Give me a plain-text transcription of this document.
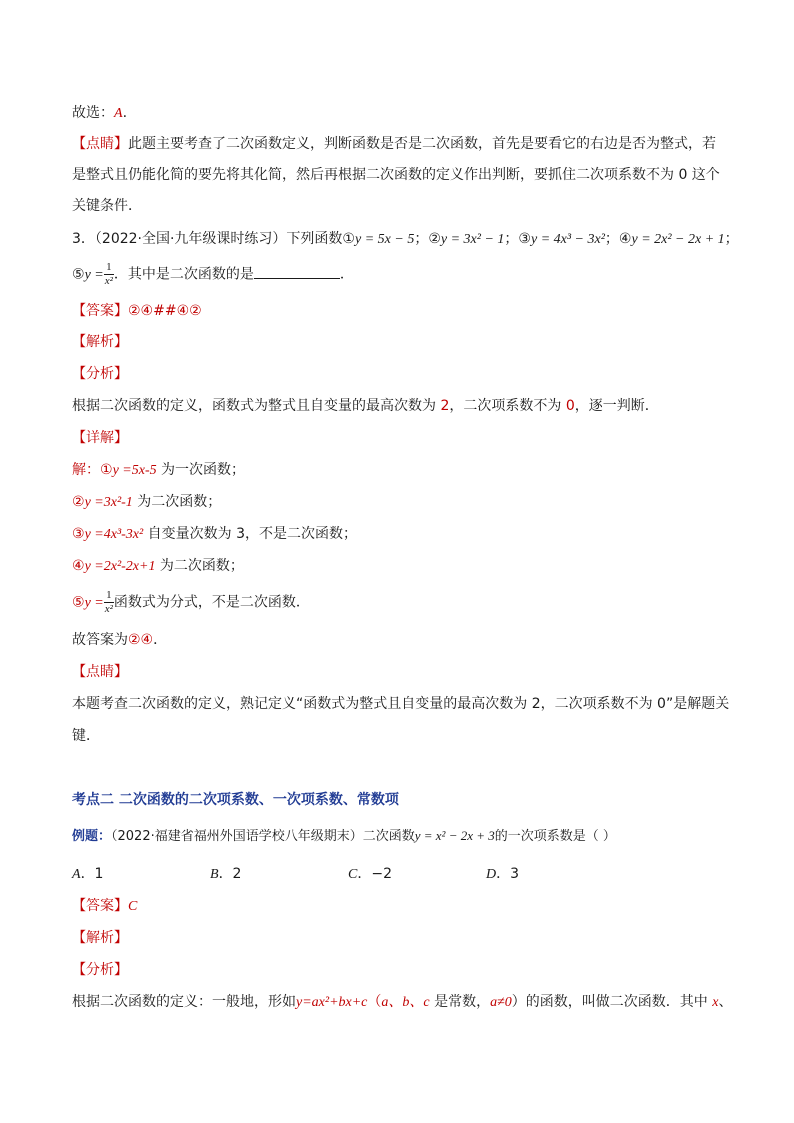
故选：A.
【点睛】此题主要考查了二次函数定义，判断函数是否是二次函数，首先是要看它的右边是否为整式，若
是整式且仍能化简的要先将其化简，然后再根据二次函数的定义作出判断，要抓住二次项系数不为 0 这个
关键条件．
3．（2022·全国·九年级课时练习）下列函数①y = 5x − 5；②y = 3x² − 1；③y = 4x³ − 3x²；④y = 2x² − 2x + 1；
⑤y = $\frac{1}{\text{x²}}$ ．其中是二次函数的是	．
【答案】②④##④②
【解析】
【分析】
根据二次函数的定义，函数式为整式且自变量的最高次数为 2，二次项系数不为 0，逐一判断．
【详解】
解：①y =5x-5 为一次函数；
②y =3x²-1 为二次函数；
③y =4x³-3x² 自变量次数为 3，不是二次函数；
④y =2x²-2x+1 为二次函数；
⑤y = $\frac{1}{\text{x²}}$ 函数式为分式，不是二次函数．
故答案为②④．
【点睛】
本题考查二次函数的定义，熟记定义“函数式为整式且自变量的最高次数为 2，二次项系数不为 0”是解题关
键．
考点二 二次函数的二次项系数、一次项系数、常数项
例题：（2022·福建省福州外国语学校八年级期末）二次函数y = x² − 2x + 3的一次项系数是（ ）
A．1	B．2	C．−2	D．3
【答案】C
【解析】
【分析】
根据二次函数的定义：一般地，形如y=ax²+bx+c（a、b、c 是常数，a≠0）的函数，叫做二次函数．其中 x、
